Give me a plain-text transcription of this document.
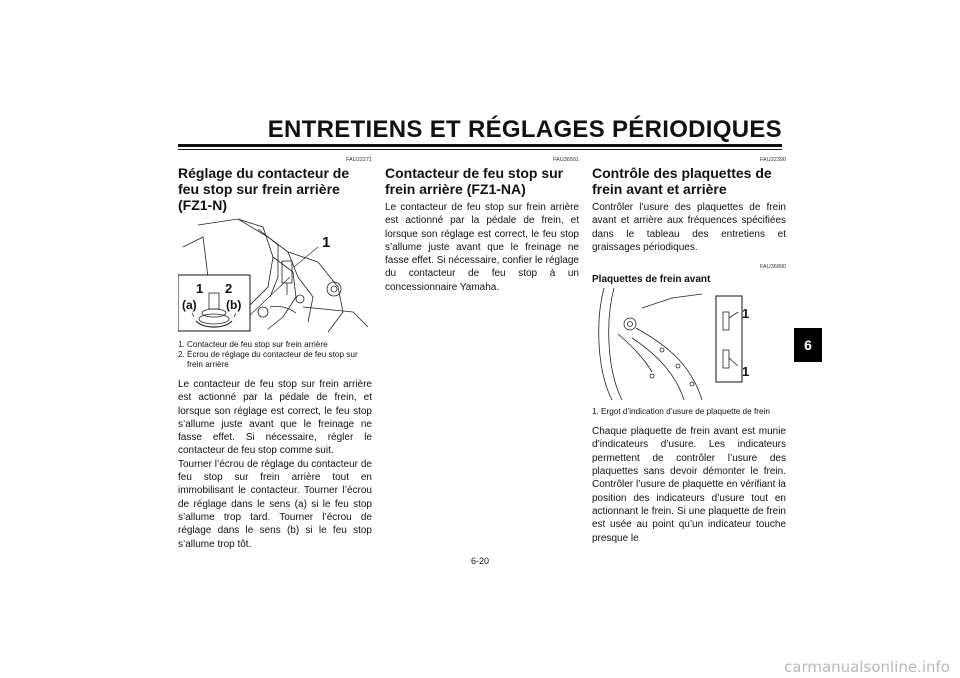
ENTRETIENS ET RÉGLAGES PÉRIODIQUES
FAU22271
Réglage du contacteur de feu stop sur frein arrière (FZ1-N)
1
1 2
(a) (b)
1. Contacteur de feu stop sur frein arrière
2. Écrou de réglage du contacteur de feu stop sur frein arrière

Le contacteur de feu stop sur frein arrière est actionné par la pédale de frein, et lorsque son réglage est correct, le feu stop s’allume juste avant que le freinage ne fasse effet. Si nécessaire, régler le contacteur de feu stop comme suit.

Tourner l’écrou de réglage du contacteur de feu stop sur frein arrière tout en immobilisant le contacteur. Tourner l’écrou de réglage dans le sens (a) si le feu stop s’allume trop tard. Tourner l’écrou de réglage dans le sens (b) si le feu stop s’allume trop tôt.

FAU36501
Contacteur de feu stop sur frein arrière (FZ1-NA)

Le contacteur de feu stop sur frein arrière est actionné par la pédale de frein, et lorsque son réglage est correct, le feu stop s’allume juste avant que le freinage ne fasse effet. Si nécessaire, confier le réglage du contacteur de feu stop à un concessionnaire Yamaha.

FAU22390
Contrôle des plaquettes de frein avant et arrière

Contrôler l’usure des plaquettes de frein avant et arrière aux fréquences spécifiées dans le tableau des entretiens et graissages périodiques.

FAU36890
Plaquettes de frein avant
1
1
1. Ergot d’indication d’usure de plaquette de frein

Chaque plaquette de frein avant est munie d’indicateurs d’usure. Les indicateurs permettent de contrôler l’usure des plaquettes sans devoir démonter le frein. Contrôler l’usure de plaquette en vérifiant la position des indicateurs d’usure tout en actionnant le frein. Si une plaquette de frein est usée au point qu’un indicateur touche presque le

6
6-20
carmanualsonline.info
